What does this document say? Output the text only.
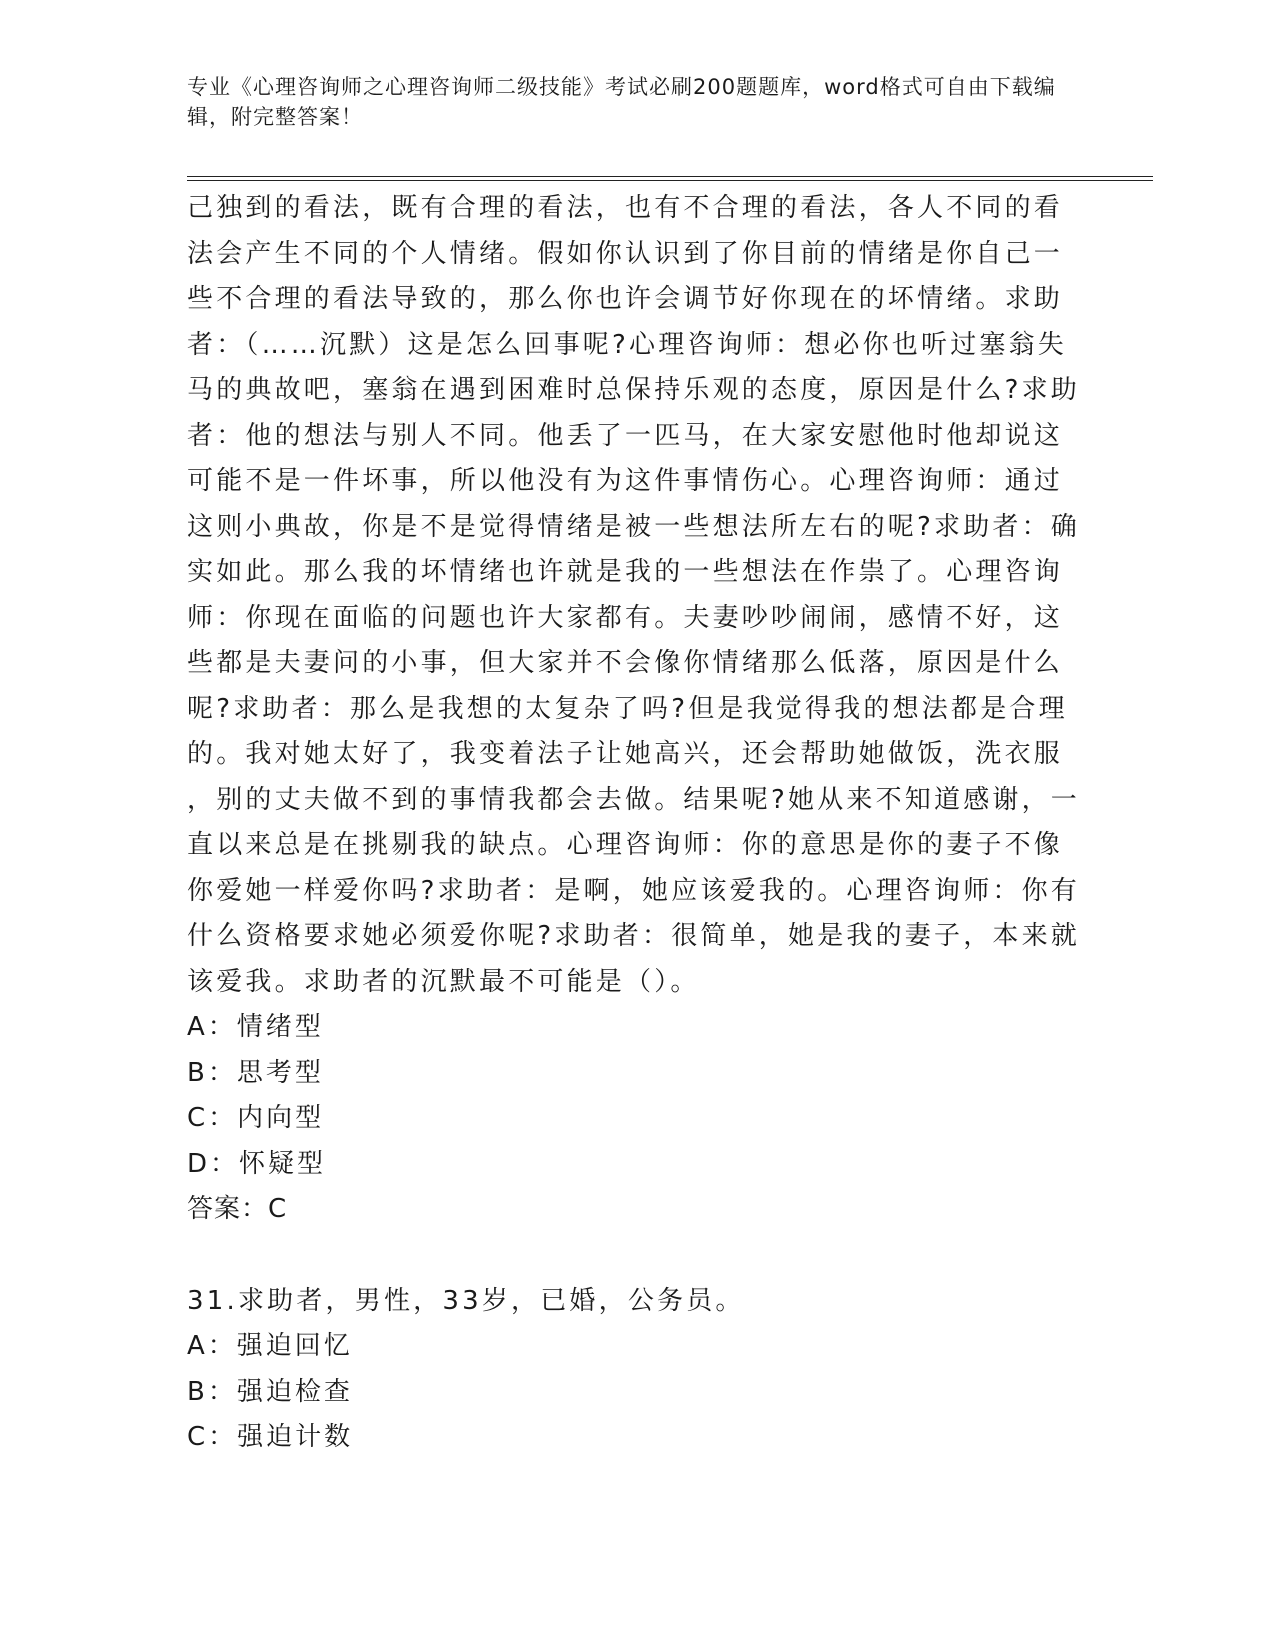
专业《心理咨询师之心理咨询师二级技能》考试必刷200题题库，word格式可自由下载编辑，附完整答案！
己独到的看法，既有合理的看法，也有不合理的看法，各人不同的看
法会产生不同的个人情绪。假如你认识到了你目前的情绪是你自己一
些不合理的看法导致的，那么你也许会调节好你现在的坏情绪。求助
者：（……沉默）这是怎么回事呢?心理咨询师：想必你也听过塞翁失
马的典故吧，塞翁在遇到困难时总保持乐观的态度，原因是什么?求助
者：他的想法与别人不同。他丢了一匹马，在大家安慰他时他却说这
可能不是一件坏事，所以他没有为这件事情伤心。心理咨询师：通过
这则小典故，你是不是觉得情绪是被一些想法所左右的呢?求助者：确
实如此。那么我的坏情绪也许就是我的一些想法在作祟了。心理咨询
师：你现在面临的问题也许大家都有。夫妻吵吵闹闹，感情不好，这
些都是夫妻问的小事，但大家并不会像你情绪那么低落，原因是什么
呢?求助者：那么是我想的太复杂了吗?但是我觉得我的想法都是合理
的。我对她太好了，我变着法子让她高兴，还会帮助她做饭，洗衣服
，别的丈夫做不到的事情我都会去做。结果呢?她从来不知道感谢，一
直以来总是在挑剔我的缺点。心理咨询师：你的意思是你的妻子不像
你爱她一样爱你吗?求助者：是啊，她应该爱我的。心理咨询师：你有
什么资格要求她必须爱你呢?求助者：很简单，她是我的妻子，本来就
该爱我。求助者的沉默最不可能是（）。
A：情绪型
B：思考型
C：内向型
D：怀疑型
答案：C
31.求助者，男性，33岁，已婚，公务员。
A：强迫回忆
B：强迫检查
C：强迫计数
